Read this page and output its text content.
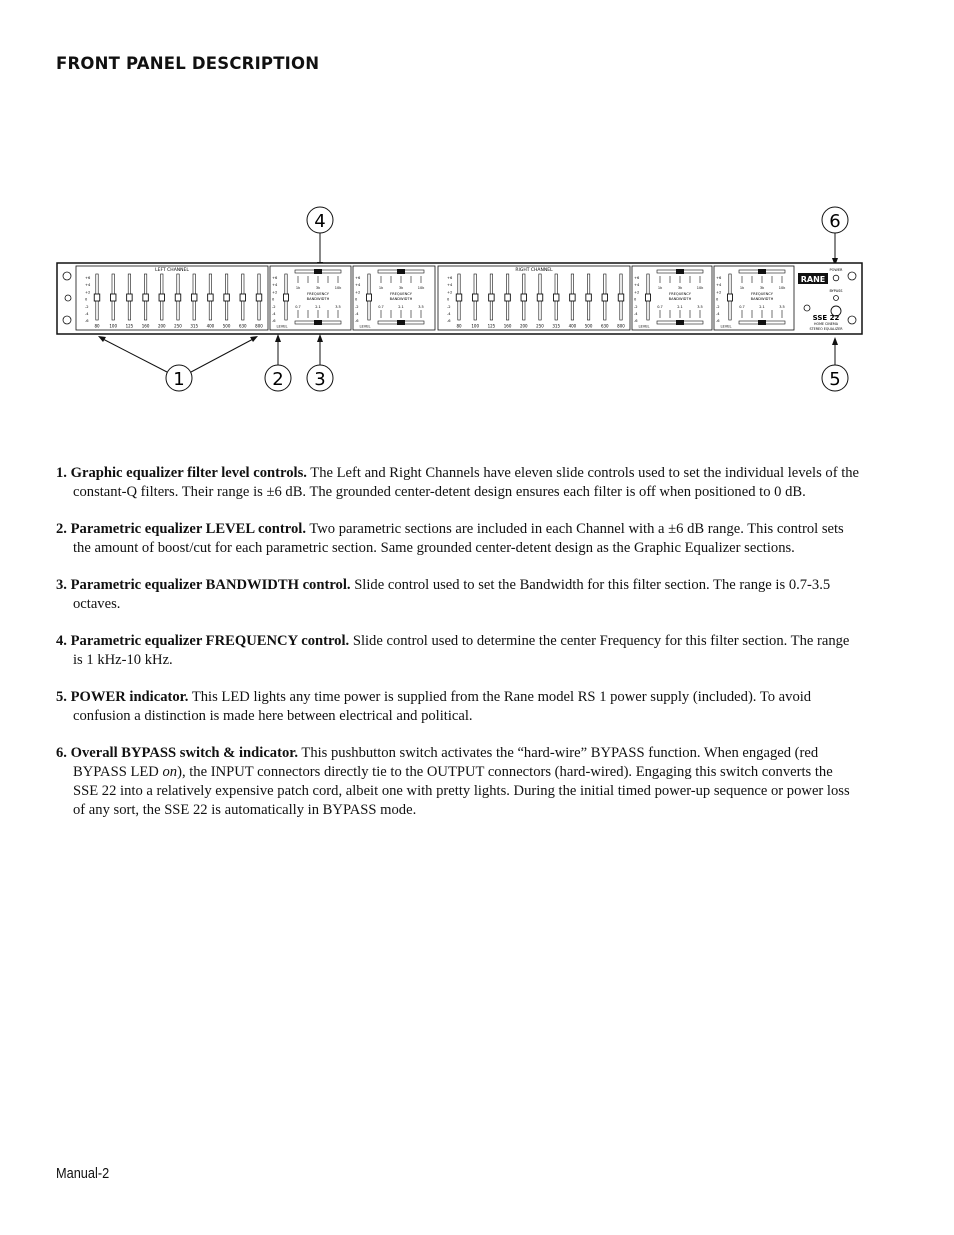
FRONT PANEL DESCRIPTION
4	6
1	2 3	5
LEFT CHANNEL	RIGHT CHANNEL
+6
+4
+2
0
-2
-4
-6
80 100 125 160 200 250 315 400 500 630 800
+6
+4
+2
0
-2
-4
-6
LEVEL
1k	3k	10k
FREQUENCY
BANDWIDTH
0.7	2.1	3.5
+6
+4
+2
0
-2
-4
-6
LEVEL
1k	3k	10k
FREQUENCY
BANDWIDTH
0.7	2.1	3.5
+6
+4
+2
0
-2
-4
-6
80 100 125 160 200 250 315 400 500 630 800
+6
+4
+2
0
-2
-4
-6
LEVEL
1k	3k	10k
FREQUENCY
BANDWIDTH
0.7	2.1	3.5
+6
+4
+2
0
-2
-4
-6
LEVEL
1k	3k	10k
FREQUENCY
BANDWIDTH
0.7	2.1	3.5
RANE
POWER
BYPASS
SSE 22
HOME CINEMA
STEREO EQUALIZER

1. Graphic equalizer filter level controls. The Left and Right Channels have eleven slide controls used to set the individual levels of the constant-Q filters. Their range is ±6 dB. The grounded center-detent design ensures each filter is off when positioned to 0 dB.

2. Parametric equalizer LEVEL control. Two parametric sections are included in each Channel with a ±6 dB range. This control sets the amount of boost/cut for each parametric section. Same grounded center-detent design as the Graphic Equalizer sections.

3. Parametric equalizer BANDWIDTH control. Slide control used to set the Bandwidth for this filter section. The range is 0.7-3.5 octaves.

4. Parametric equalizer FREQUENCY control. Slide control used to determine the center Frequency for this filter section. The range is 1 kHz-10 kHz.

5. POWER indicator. This LED lights any time power is supplied from the Rane model RS 1 power supply (included). To avoid confusion a distinction is made here between electrical and political.

6. Overall BYPASS switch & indicator. This pushbutton switch activates the “hard-wire” BYPASS function. When engaged (red BYPASS LED on), the INPUT connectors directly tie to the OUTPUT connectors (hard-wired). Engaging this switch converts the SSE 22 into a relatively expensive patch cord, albeit one with pretty lights. During the initial timed power-up sequence or power loss of any sort, the SSE 22 is automatically in BYPASS mode.

Manual-2
